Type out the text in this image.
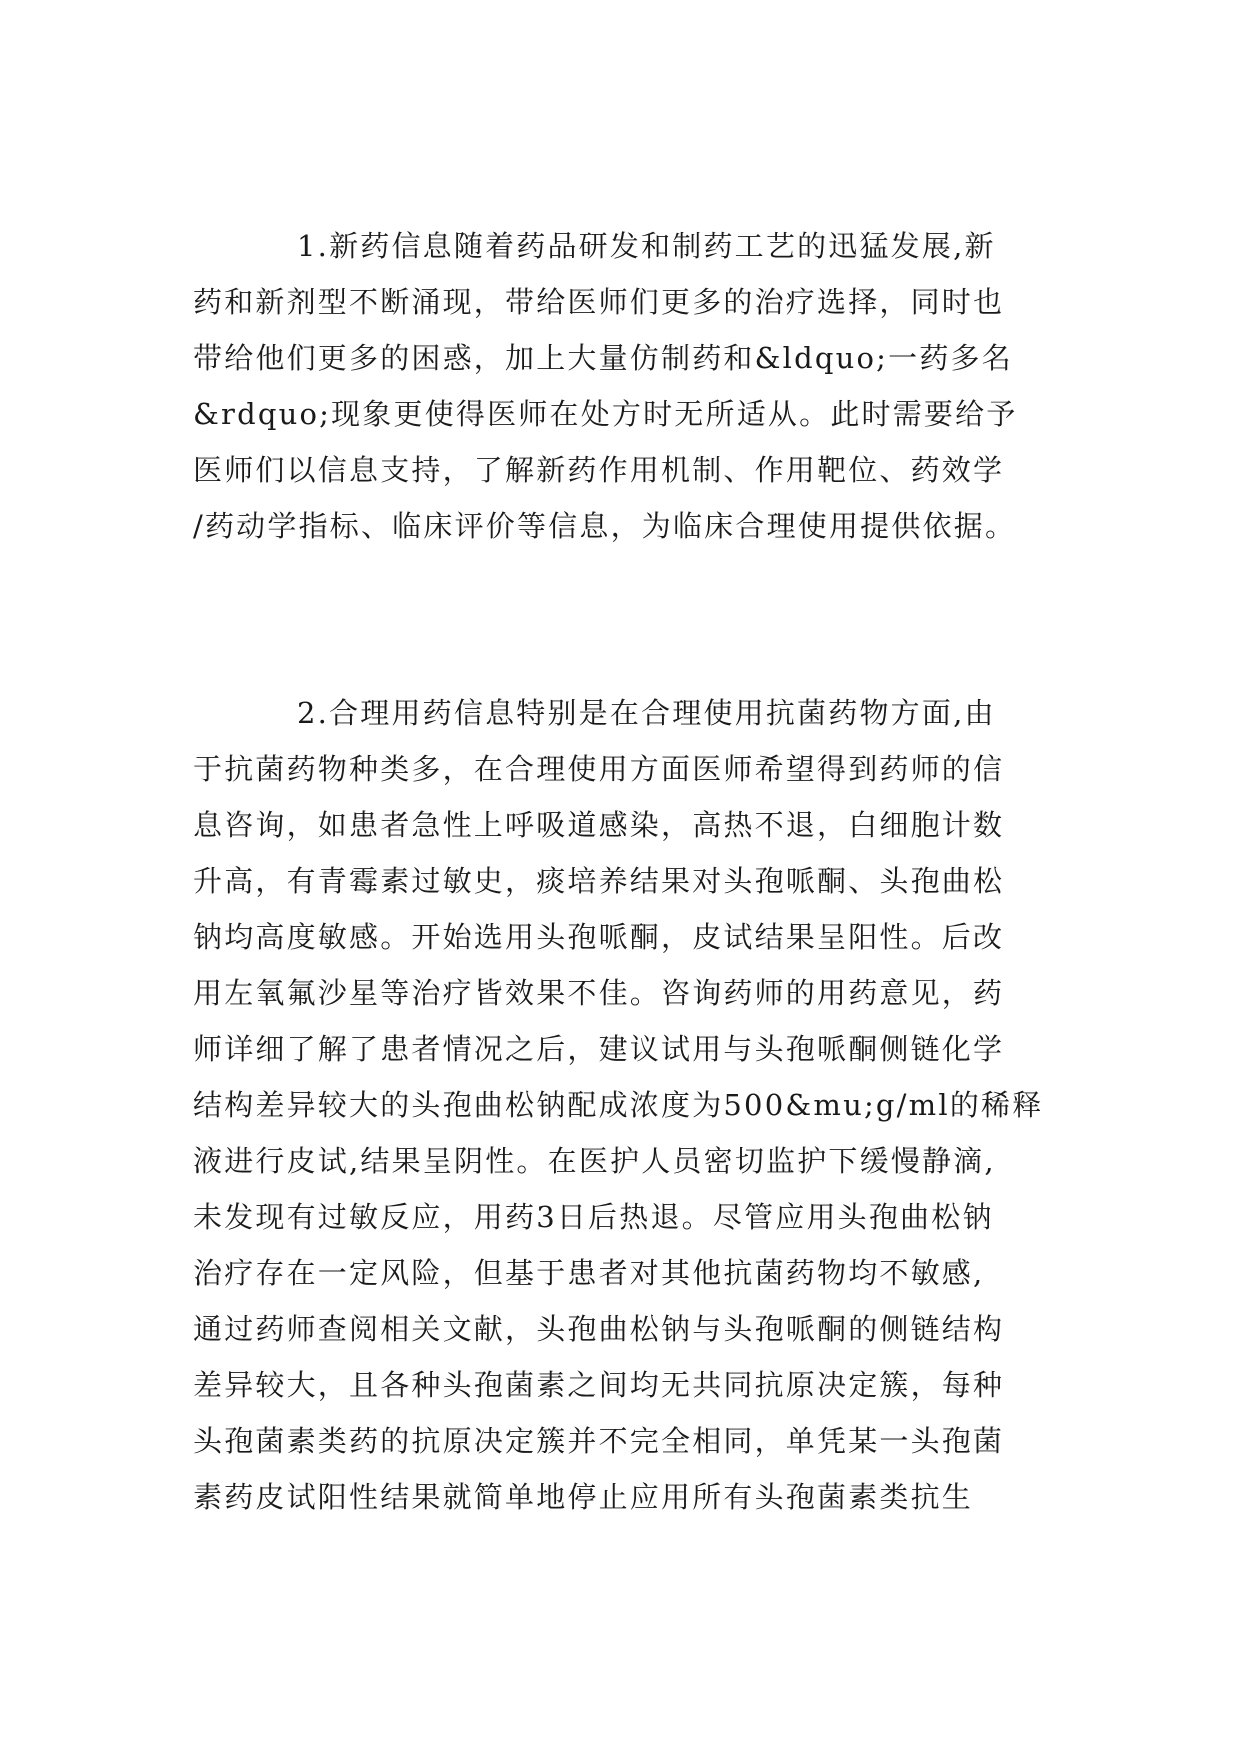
1.新药信息随着药品研发和制药工艺的迅猛发展,新
药和新剂型不断涌现，带给医师们更多的治疗选择，同时也
带给他们更多的困惑，加上大量仿制药和&ldquo;一药多名
&rdquo;现象更使得医师在处方时无所适从。此时需要给予
医师们以信息支持，了解新药作用机制、作用靶位、药效学
/药动学指标、临床评价等信息，为临床合理使用提供依据。
2.合理用药信息特别是在合理使用抗菌药物方面,由
于抗菌药物种类多，在合理使用方面医师希望得到药师的信
息咨询，如患者急性上呼吸道感染，高热不退，白细胞计数
升高，有青霉素过敏史，痰培养结果对头孢哌酮、头孢曲松
钠均高度敏感。开始选用头孢哌酮，皮试结果呈阳性。后改
用左氧氟沙星等治疗皆效果不佳。咨询药师的用药意见，药
师详细了解了患者情况之后，建议试用与头孢哌酮侧链化学
结构差异较大的头孢曲松钠配成浓度为500&mu;g/ml的稀释
液进行皮试,结果呈阴性。在医护人员密切监护下缓慢静滴,
未发现有过敏反应，用药3日后热退。尽管应用头孢曲松钠
治疗存在一定风险，但基于患者对其他抗菌药物均不敏感,
通过药师查阅相关文献，头孢曲松钠与头孢哌酮的侧链结构
差异较大，且各种头孢菌素之间均无共同抗原决定簇，每种
头孢菌素类药的抗原决定簇并不完全相同，单凭某一头孢菌
素药皮试阳性结果就简单地停止应用所有头孢菌素类抗生
